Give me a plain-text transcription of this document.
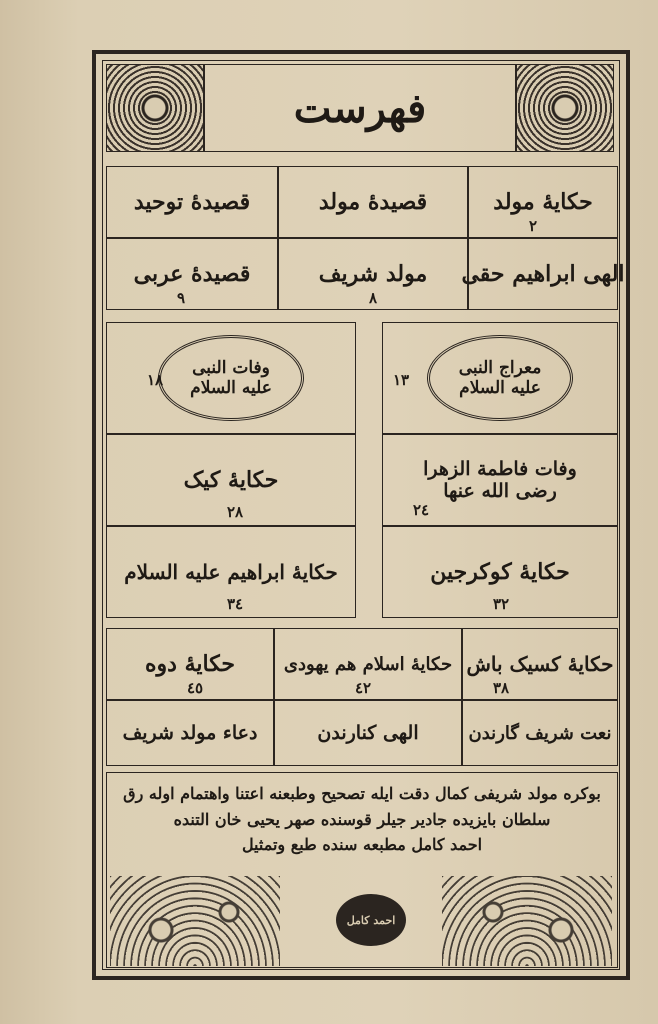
فهرست
حکایهٔ مولد
٢
قصیدهٔ مولد
قصیدهٔ توحید
الهی ابراهیم حقی
مولد شریف
٨
قصیدهٔ عربی
٩
معراج النبی
علیه السلام
١٣
وفات النبی
علیه السلام
١٨
وفات فاطمة الزهرا رضی الله عنها
٢٤
حکایهٔ کیک
٢٨
حکایهٔ کوکرجین
٣٢
حکایهٔ ابراهیم علیه السلام
٣٤
حکایهٔ کسیک باش
٣٨
حکایهٔ اسلام هم یهودی
٤٢
حکایهٔ دوه
٤٥
نعت شریف گارندن
الهی کنارندن
دعاء مولد شریف
بوکره مولد شریفی کمال دقت ایله تصحیح وطبعنه اعتنا واهتمام اوله رق
سلطان بایزیده جادیر جیلر قوسنده صهر یحیی خان التنده
احمد کامل مطبعه سنده طبع وتمثیل
احمد کامل
